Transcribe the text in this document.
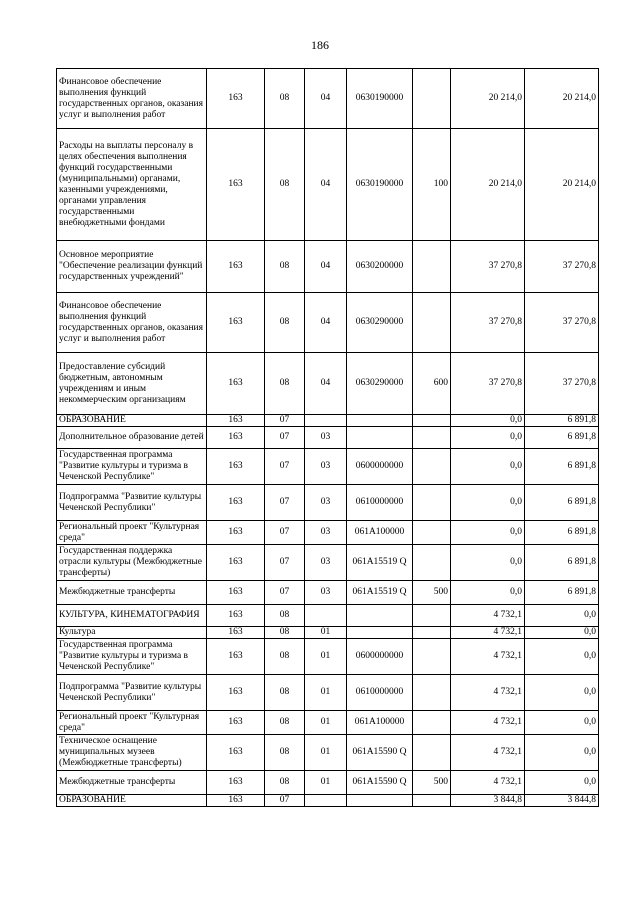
186
Финансовое обеспечение выполнения функций государственных органов, оказания услуг и выполнения работ	163	08	04	0630190000		20 214,0	20 214,0
Расходы на выплаты персоналу в целях обеспечения выполнения функций государственными (муниципальными) органами, казенными учреждениями, органами управления государственными внебюджетными фондами	163	08	04	0630190000	100	20 214,0	20 214,0
Основное мероприятие "Обеспечение реализации функций государственных учреждений"	163	08	04	0630200000		37 270,8	37 270,8
Финансовое обеспечение выполнения функций государственных органов, оказания услуг и выполнения работ	163	08	04	0630290000		37 270,8	37 270,8
Предоставление субсидий бюджетным, автономным учреждениям и иным некоммерческим организациям	163	08	04	0630290000	600	37 270,8	37 270,8
ОБРАЗОВАНИЕ	163	07				0,0	6 891,8
Дополнительное образование детей	163	07	03			0,0	6 891,8
Государственная программа "Развитие культуры и туризма в Чеченской Республике"	163	07	03	0600000000		0,0	6 891,8
Подпрограмма "Развитие культуры Чеченской Республики"	163	07	03	0610000000		0,0	6 891,8
Региональный проект "Культурная среда"	163	07	03	061A100000		0,0	6 891,8
Государственная поддержка отрасли культуры (Межбюджетные трансферты)	163	07	03	061A15519 Q		0,0	6 891,8
Межбюджетные трансферты	163	07	03	061A15519 Q	500	0,0	6 891,8
КУЛЬТУРА, КИНЕМАТОГРАФИЯ	163	08				4 732,1	0,0
Культура	163	08	01			4 732,1	0,0
Государственная программа "Развитие культуры и туризма в Чеченской Республике"	163	08	01	0600000000		4 732,1	0,0
Подпрограмма "Развитие культуры Чеченской Республики"	163	08	01	0610000000		4 732,1	0,0
Региональный проект "Культурная среда"	163	08	01	061A100000		4 732,1	0,0
Техническое оснащение муниципальных музеев (Межбюджетные трансферты)	163	08	01	061A15590 Q		4 732,1	0,0
Межбюджетные трансферты	163	08	01	061A15590 Q	500	4 732,1	0,0
ОБРАЗОВАНИЕ	163	07				3 844,8	3 844,8
